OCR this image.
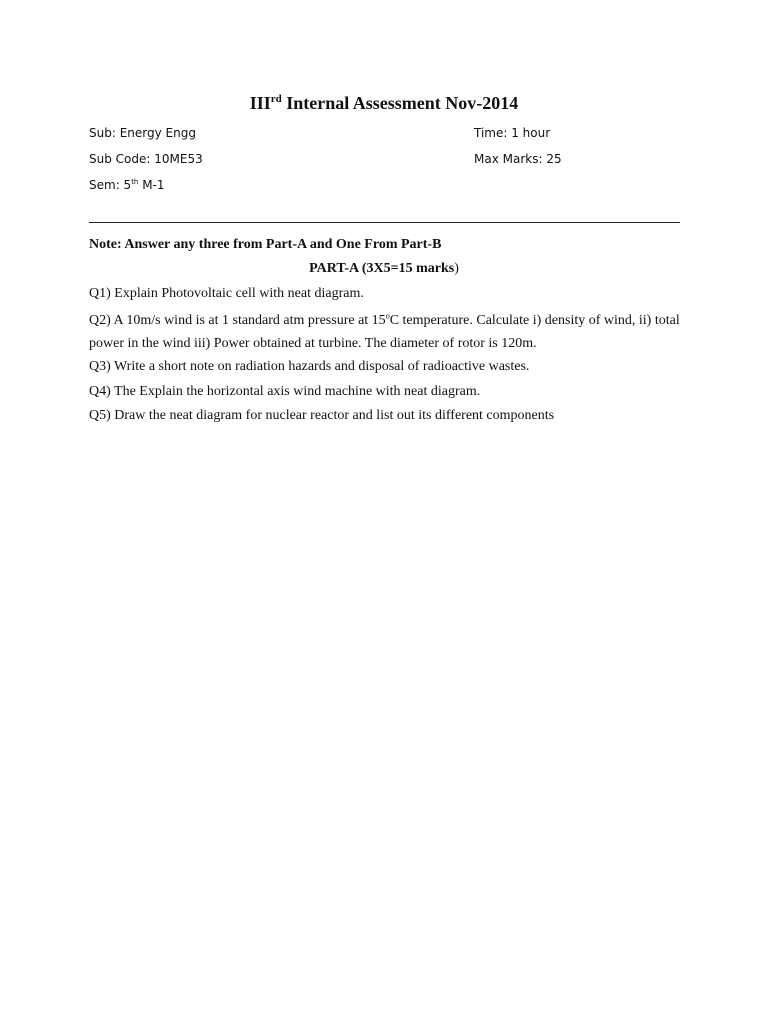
IIIrd Internal Assessment Nov-2014
Sub: Energy Engg	Time: 1 hour
Sub Code: 10ME53	Max Marks: 25
Sem: 5th M-1
Note: Answer any three from Part-A and One From Part-B
PART-A (3X5=15 marks)
Q1) Explain Photovoltaic cell with neat diagram.
Q2) A 10m/s wind is at 1 standard atm pressure at 15$^o$C temperature. Calculate i) density of wind, ii) total power in the wind iii) Power obtained at turbine. The diameter of rotor is 120m.
Q3) Write a short note on radiation hazards and disposal of radioactive wastes.
Q4) The Explain the horizontal axis wind machine with neat diagram.
Q5) Draw the neat diagram for nuclear reactor and list out its different components
